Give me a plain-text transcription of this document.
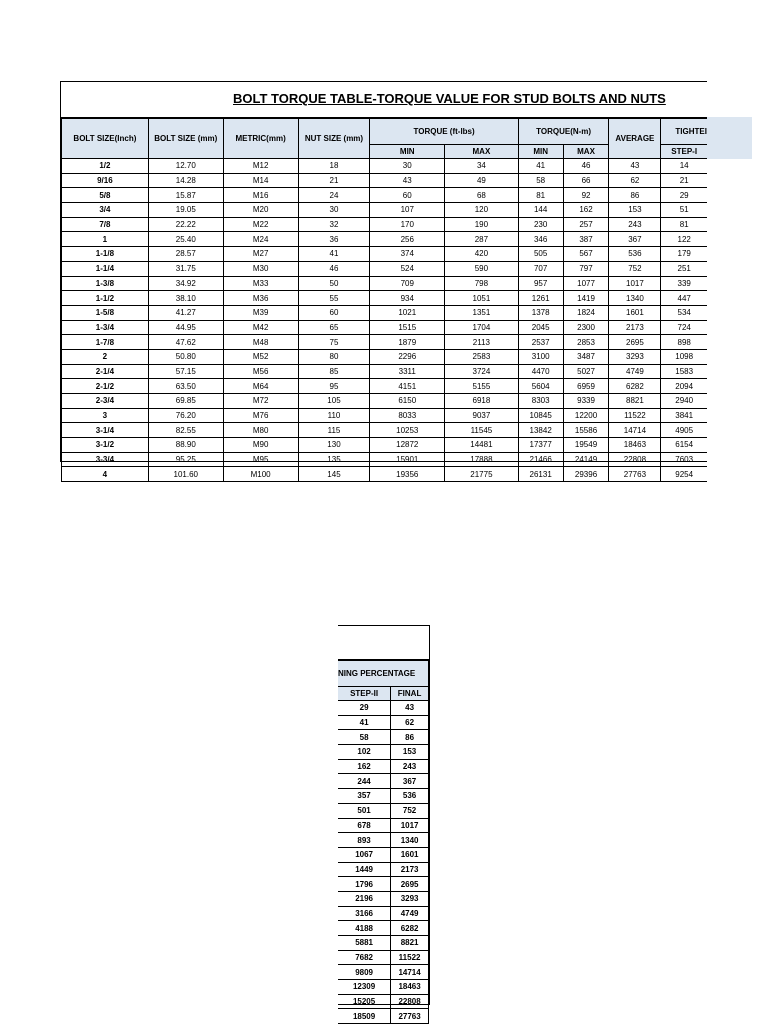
BOLT TORQUE TABLE-TORQUE VALUE FOR STUD BOLTS AND NUTS
BOLT SIZE(Inch)	BOLT SIZE (mm)	METRIC(mm)	NUT SIZE (mm)	TORQUE (ft-lbs)		TORQUE(N-m)		AVERAGE	TIGHTEI
				MIN	MAX	MIN	MAX		STEP-I
1/2	12.70	M12	18	30	34	41	46	43	14
9/16	14.28	M14	21	43	49	58	66	62	21
5/8	15.87	M16	24	60	68	81	92	86	29
3/4	19.05	M20	30	107	120	144	162	153	51
7/8	22.22	M22	32	170	190	230	257	243	81
1	25.40	M24	36	256	287	346	387	367	122
1-1/8	28.57	M27	41	374	420	505	567	536	179
1-1/4	31.75	M30	46	524	590	707	797	752	251
1-3/8	34.92	M33	50	709	798	957	1077	1017	339
1-1/2	38.10	M36	55	934	1051	1261	1419	1340	447
1-5/8	41.27	M39	60	1021	1351	1378	1824	1601	534
1-3/4	44.95	M42	65	1515	1704	2045	2300	2173	724
1-7/8	47.62	M48	75	1879	2113	2537	2853	2695	898
2	50.80	M52	80	2296	2583	3100	3487	3293	1098
2-1/4	57.15	M56	85	3311	3724	4470	5027	4749	1583
2-1/2	63.50	M64	95	4151	5155	5604	6959	6282	2094
2-3/4	69.85	M72	105	6150	6918	8303	9339	8821	2940
3	76.20	M76	110	8033	9037	10845	12200	11522	3841
3-1/4	82.55	M80	115	10253	11545	13842	15586	14714	4905
3-1/2	88.90	M90	130	12872	14481	17377	19549	18463	6154
3-3/4	95.25	M95	135	15901	17888	21466	24149	22808	7603
4	101.60	M100	145	19356	21775	26131	29396	27763	9254
NING PERCENTAGE	
STEP-II	FINAL
29	43
41	62
58	86
102	153
162	243
244	367
357	536
501	752
678	1017
893	1340
1067	1601
1449	2173
1796	2695
2196	3293
3166	4749
4188	6282
5881	8821
7682	11522
9809	14714
12309	18463
15205	22808
18509	27763
